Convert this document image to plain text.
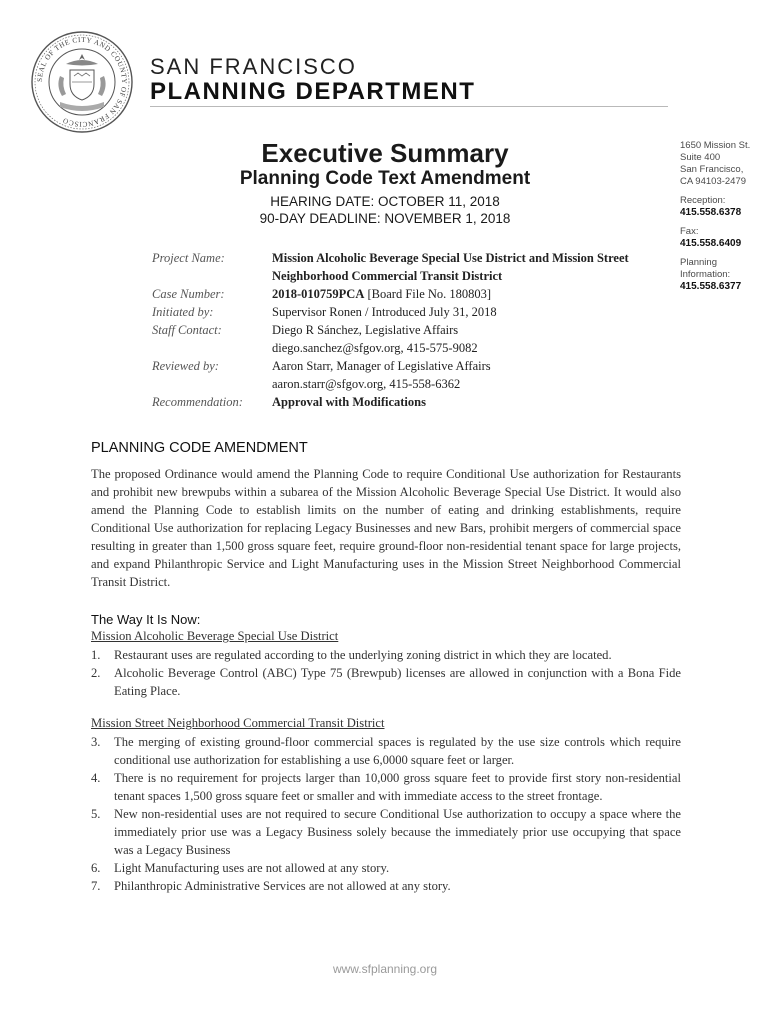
SEAL OF THE CITY AND COUNTY OF SAN FRANCISCO
SAN FRANCISCO
PLANNING DEPARTMENT
Executive Summary
Planning Code Text Amendment
HEARING DATE: OCTOBER 11, 2018
90-DAY DEADLINE: NOVEMBER 1, 2018
1650 Mission St.
Suite 400
San Francisco,
CA 94103-2479
Reception:
415.558.6378
Fax:
415.558.6409
Planning
Information:
415.558.6377
Project Name:	Mission Alcoholic Beverage Special Use District and Mission Street
Neighborhood Commercial Transit District
Case Number:	2018-010759PCA [Board File No. 180803]
Initiated by:	Supervisor Ronen / Introduced July 31, 2018
Staff Contact:	Diego R Sánchez, Legislative Affairs
diego.sanchez@sfgov.org, 415-575-9082
Reviewed by:	Aaron Starr, Manager of Legislative Affairs
aaron.starr@sfgov.org, 415-558-6362
Recommendation:	Approval with Modifications
PLANNING CODE AMENDMENT
The proposed Ordinance would amend the Planning Code to require Conditional Use authorization for Restaurants and prohibit new brewpubs within a subarea of the Mission Alcoholic Beverage Special Use District. It would also amend the Planning Code to establish limits on the number of eating and drinking establishments, require Conditional Use authorization for replacing Legacy Businesses and new Bars, prohibit mergers of commercial space resulting in greater than 1,500 gross square feet, require ground-floor non-residential tenant space for large projects, and expand Philanthropic Service and Light Manufacturing uses in the Mission Street Neighborhood Commercial Transit District.
The Way It Is Now:
Mission Alcoholic Beverage Special Use District
1.	Restaurant uses are regulated according to the underlying zoning district in which they are located.
2.	Alcoholic Beverage Control (ABC) Type 75 (Brewpub) licenses are allowed in conjunction with a Bona Fide Eating Place.
Mission Street Neighborhood Commercial Transit District
3.	The merging of existing ground-floor commercial spaces is regulated by the use size controls which require conditional use authorization for establishing a use 6,0000 square feet or larger.
4.	There is no requirement for projects larger than 10,000 gross square feet to provide first story non-residential tenant spaces 1,500 gross square feet or smaller and with immediate access to the street frontage.
5.	New non-residential uses are not required to secure Conditional Use authorization to occupy a space where the immediately prior use was a Legacy Business solely because the immediately prior use occupying that space was a Legacy Business
6.	Light Manufacturing uses are not allowed at any story.
7.	Philanthropic Administrative Services are not allowed at any story.
www.sfplanning.org
